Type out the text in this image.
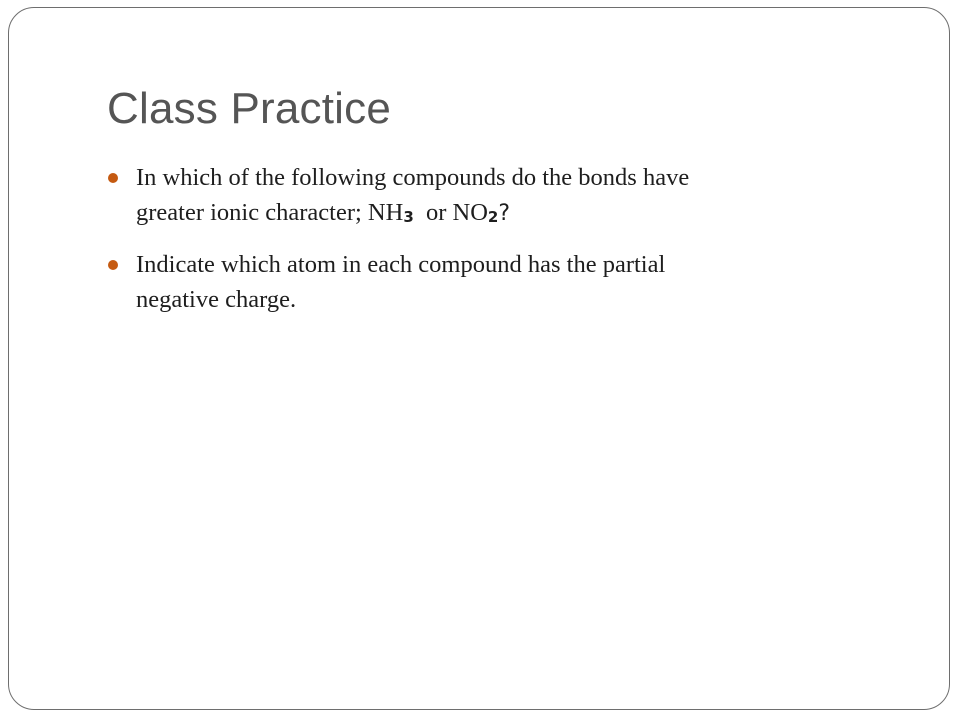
Class Practice
In which of the following compounds do the bonds have
greater ionic character; NH3  or NO2?
Indicate which atom in each compound has the partial
negative charge.
